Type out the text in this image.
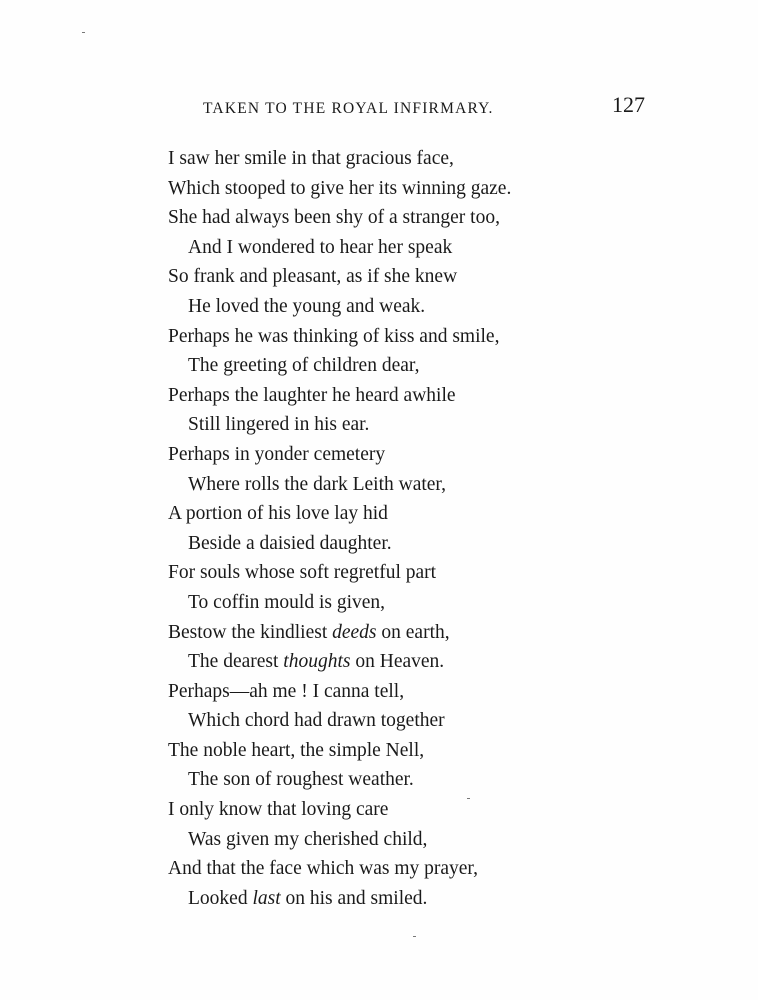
TAKEN TO THE ROYAL INFIRMARY.	127
I saw her smile in that gracious face,
Which stooped to give her its winning gaze.
She had always been shy of a stranger too,
And I wondered to hear her speak
So frank and pleasant, as if she knew
He loved the young and weak.
Perhaps he was thinking of kiss and smile,
The greeting of children dear,
Perhaps the laughter he heard awhile
Still lingered in his ear.
Perhaps in yonder cemetery
Where rolls the dark Leith water,
A portion of his love lay hid
Beside a daisied daughter.
For souls whose soft regretful part
To coffin mould is given,
Bestow the kindliest deeds on earth,
The dearest thoughts on Heaven.
Perhaps—ah me ! I canna tell,
Which chord had drawn together
The noble heart, the simple Nell,
The son of roughest weather.
I only know that loving care
Was given my cherished child,
And that the face which was my prayer,
Looked last on his and smiled.
